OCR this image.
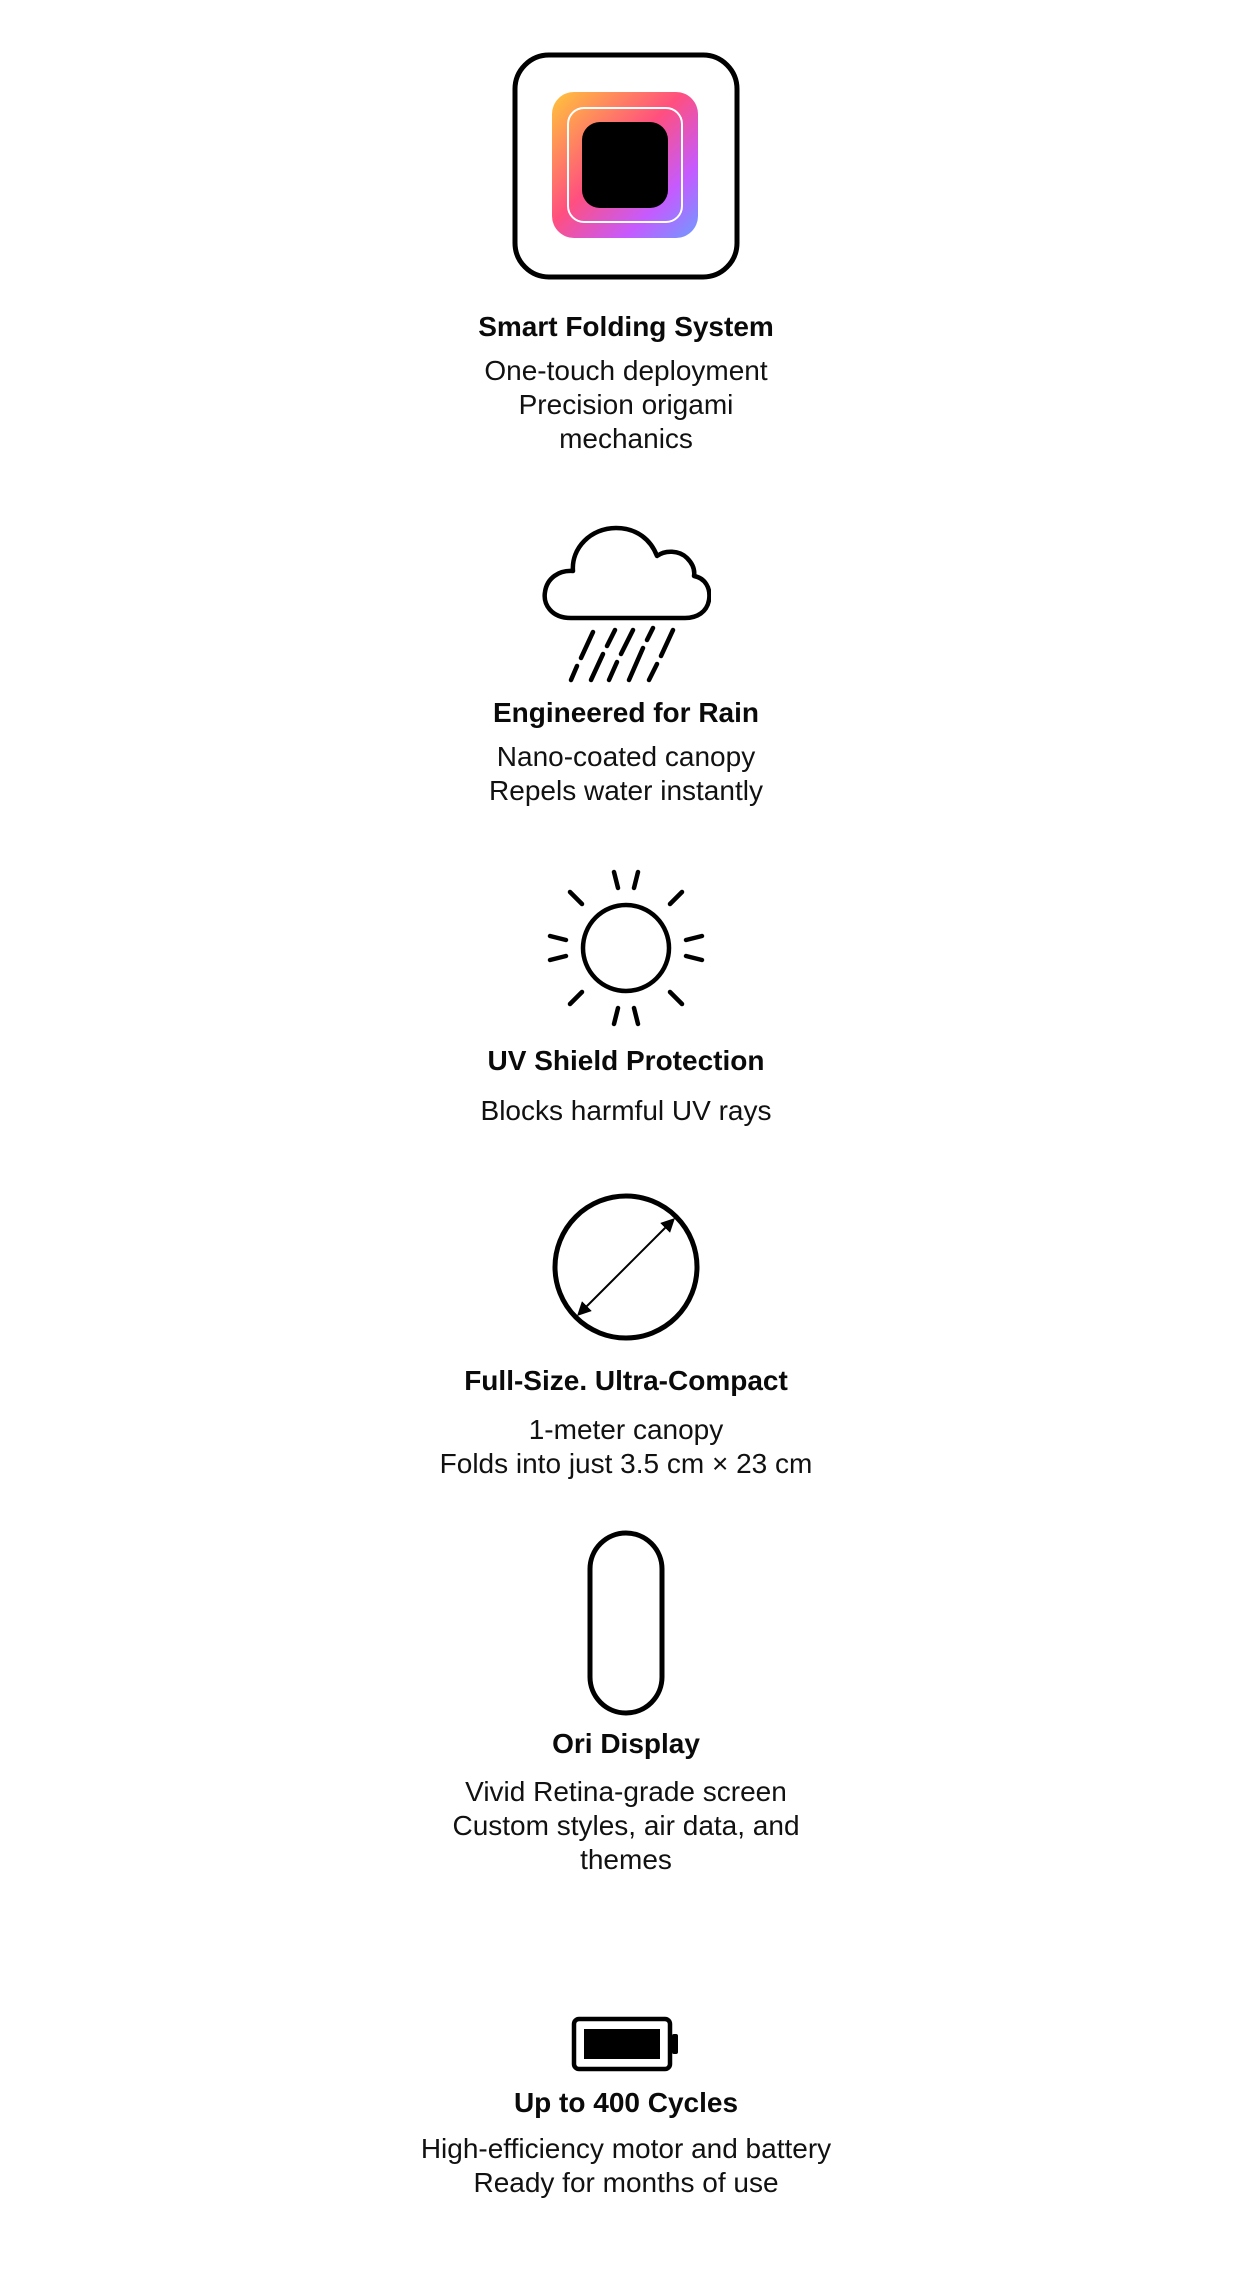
Smart Folding System
One-touch deployment
Precision origami
mechanics
Engineered for Rain
Nano-coated canopy
Repels water instantly
UV Shield Protection
Blocks harmful UV rays
Full-Size. Ultra-Compact
1-meter canopy
Folds into just 3.5 cm × 23 cm
Ori Display
Vivid Retina-grade screen
Custom styles, air data, and
themes
Up to 400 Cycles
High-efficiency motor and battery
Ready for months of use
